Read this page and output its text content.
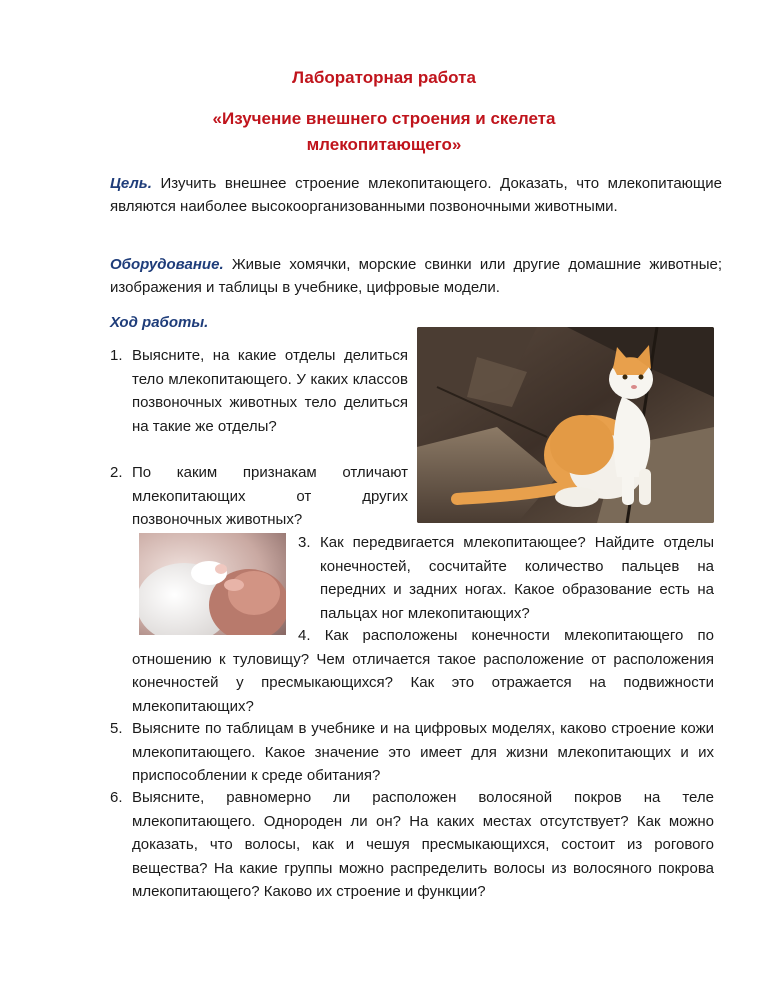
Лабораторная работа
«Изучение внешнего строения и скелета
млекопитающего»
Цель. Изучить внешнее строение млекопитающего. Доказать, что млекопитающие являются наиболее высокоорганизованными позвоночными животными.
Оборудование. Живые хомячки, морские свинки или другие домашние животные; изображения и таблицы в учебнике, цифровые модели.
Ход работы.
1. Выясните, на какие отделы делиться тело млекопитающего. У каких классов позвоночных животных тело делиться на такие же отделы?
2. По каким признакам отличают млекопитающих от других позвоночных животных?
3. Как передвигается млекопитающее? Найдите отделы конечностей, сосчитайте количество пальцев на передних и задних ногах. Какое образование есть на пальцах ног млекопитающих?
4. Как расположены конечности млекопитающего по отношению к туловищу? Чем отличается такое расположение от расположения конечностей у пресмыкающихся? Как это отражается на подвижности млекопитающих?
5. Выясните по таблицам в учебнике и на цифровых моделях, каково строение кожи млекопитающего. Какое значение это имеет для жизни млекопитающих и их приспособлении к среде обитания?
6. Выясните, равномерно ли расположен волосяной покров на теле млекопитающего. Однороден ли он? На каких местах отсутствует? Как можно доказать, что волосы, как и чешуя пресмыкающихся, состоит из рогового вещества? На какие группы можно распределить волосы из волосяного покрова млекопитающего? Каково их строение и функции?
